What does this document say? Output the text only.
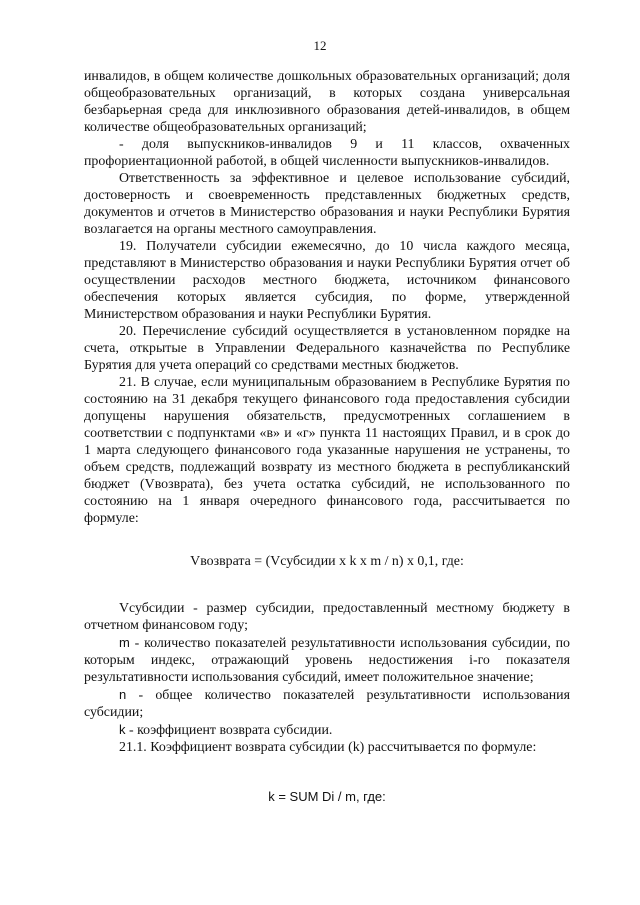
12

инвалидов, в общем количестве дошкольных образовательных организаций; доля общеобразовательных организаций, в которых создана универсальная безбарьерная среда для инклюзивного образования детей-инвалидов, в общем количестве общеобразовательных организаций;

- доля выпускников-инвалидов 9 и 11 классов, охваченных профориентационной работой, в общей численности выпускников-инвалидов.

Ответственность за эффективное и целевое использование субсидий, достоверность и своевременность представленных бюджетных средств, документов и отчетов в Министерство образования и науки Республики Бурятия возлагается на органы местного самоуправления.

19. Получатели субсидии ежемесячно, до 10 числа каждого месяца, представляют в Министерство образования и науки Республики Бурятия отчет об осуществлении расходов местного бюджета, источником финансового обеспечения которых является субсидия, по форме, утвержденной Министерством образования и науки Республики Бурятия.

20. Перечисление субсидий осуществляется в установленном порядке на счета, открытые в Управлении Федерального казначейства по Республике Бурятия для учета операций со средствами местных бюджетов.

21. В случае, если муниципальным образованием в Республике Бурятия по состоянию на 31 декабря текущего финансового года предоставления субсидии допущены нарушения обязательств, предусмотренных соглашением в соответствии с подпунктами «в» и «г» пункта 11 настоящих Правил, и в срок до 1 марта следующего финансового года указанные нарушения не устранены, то объем средств, подлежащий возврату из местного бюджета в республиканский бюджет (Vвозврата), без учета остатка субсидий, не использованного по состоянию на 1 января очередного финансового года, рассчитывается по формуле:

Vвозврата = (Vсубсидии x k x m / n) x 0,1, где:

Vсубсидии - размер субсидии, предоставленный местному бюджету в отчетном финансовом году;

m - количество показателей результативности использования субсидии, по которым индекс, отражающий уровень недостижения i-го показателя результативности использования субсидий, имеет положительное значение;

n - общее количество показателей результативности использования субсидии;

k - коэффициент возврата субсидии.

21.1. Коэффициент возврата субсидии (k) рассчитывается по формуле:

k = SUM Di / m, где:
